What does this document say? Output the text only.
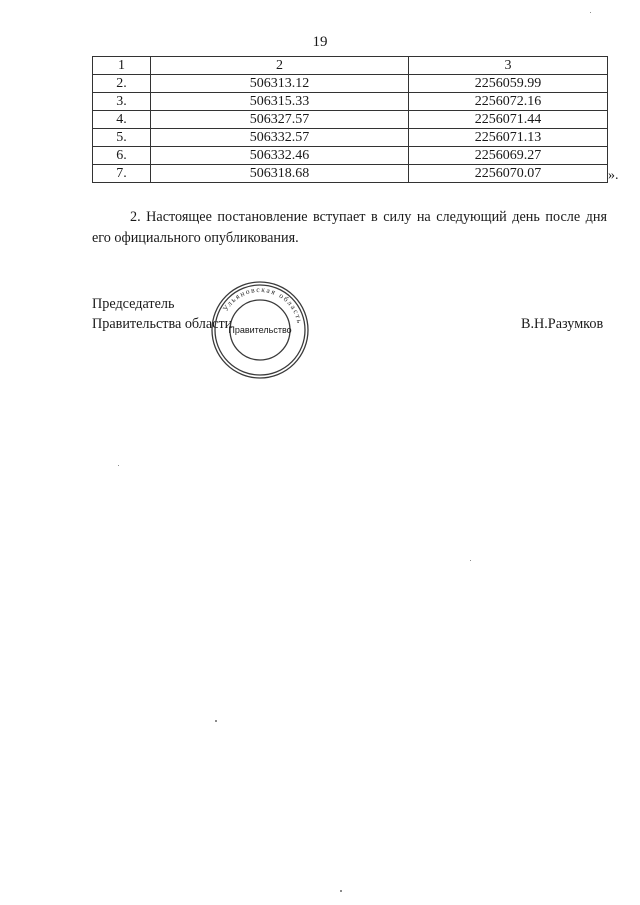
19
1	2	3
2.	506313.12	2256059.99
3.	506315.33	2256072.16
4.	506327.57	2256071.44
5.	506332.57	2256071.13
6.	506332.46	2256069.27
7.	506318.68	2256070.07	».
2. Настоящее постановление вступает в силу на следующий день после дня его официального опубликования.
Председатель
Правительства области	В.Н.Разумков
Ульяновская область
Правительство
